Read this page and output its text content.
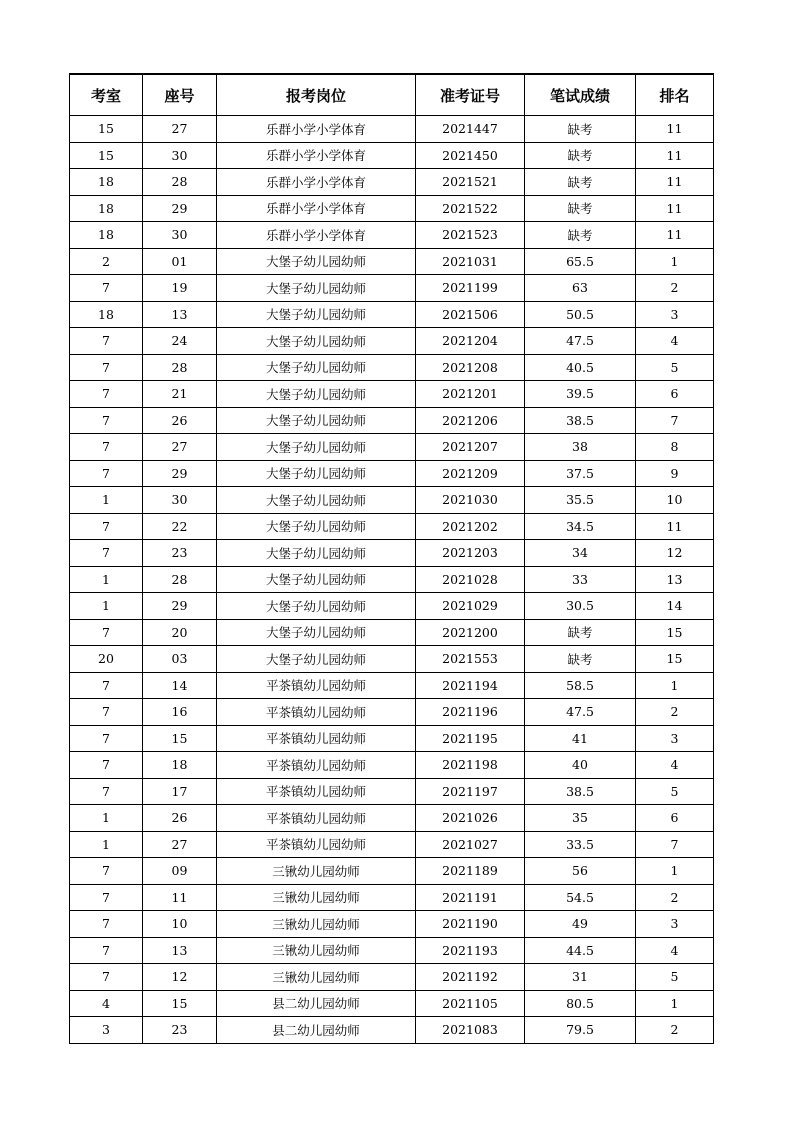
考室	座号	报考岗位	准考证号	笔试成绩	排名
15	27	乐群小学小学体育	2021447	缺考	11
15	30	乐群小学小学体育	2021450	缺考	11
18	28	乐群小学小学体育	2021521	缺考	11
18	29	乐群小学小学体育	2021522	缺考	11
18	30	乐群小学小学体育	2021523	缺考	11
2	01	大堡子幼儿园幼师	2021031	65.5	1
7	19	大堡子幼儿园幼师	2021199	63	2
18	13	大堡子幼儿园幼师	2021506	50.5	3
7	24	大堡子幼儿园幼师	2021204	47.5	4
7	28	大堡子幼儿园幼师	2021208	40.5	5
7	21	大堡子幼儿园幼师	2021201	39.5	6
7	26	大堡子幼儿园幼师	2021206	38.5	7
7	27	大堡子幼儿园幼师	2021207	38	8
7	29	大堡子幼儿园幼师	2021209	37.5	9
1	30	大堡子幼儿园幼师	2021030	35.5	10
7	22	大堡子幼儿园幼师	2021202	34.5	11
7	23	大堡子幼儿园幼师	2021203	34	12
1	28	大堡子幼儿园幼师	2021028	33	13
1	29	大堡子幼儿园幼师	2021029	30.5	14
7	20	大堡子幼儿园幼师	2021200	缺考	15
20	03	大堡子幼儿园幼师	2021553	缺考	15
7	14	平茶镇幼儿园幼师	2021194	58.5	1
7	16	平茶镇幼儿园幼师	2021196	47.5	2
7	15	平茶镇幼儿园幼师	2021195	41	3
7	18	平茶镇幼儿园幼师	2021198	40	4
7	17	平茶镇幼儿园幼师	2021197	38.5	5
1	26	平茶镇幼儿园幼师	2021026	35	6
1	27	平茶镇幼儿园幼师	2021027	33.5	7
7	09	三锹幼儿园幼师	2021189	56	1
7	11	三锹幼儿园幼师	2021191	54.5	2
7	10	三锹幼儿园幼师	2021190	49	3
7	13	三锹幼儿园幼师	2021193	44.5	4
7	12	三锹幼儿园幼师	2021192	31	5
4	15	县二幼儿园幼师	2021105	80.5	1
3	23	县二幼儿园幼师	2021083	79.5	2
